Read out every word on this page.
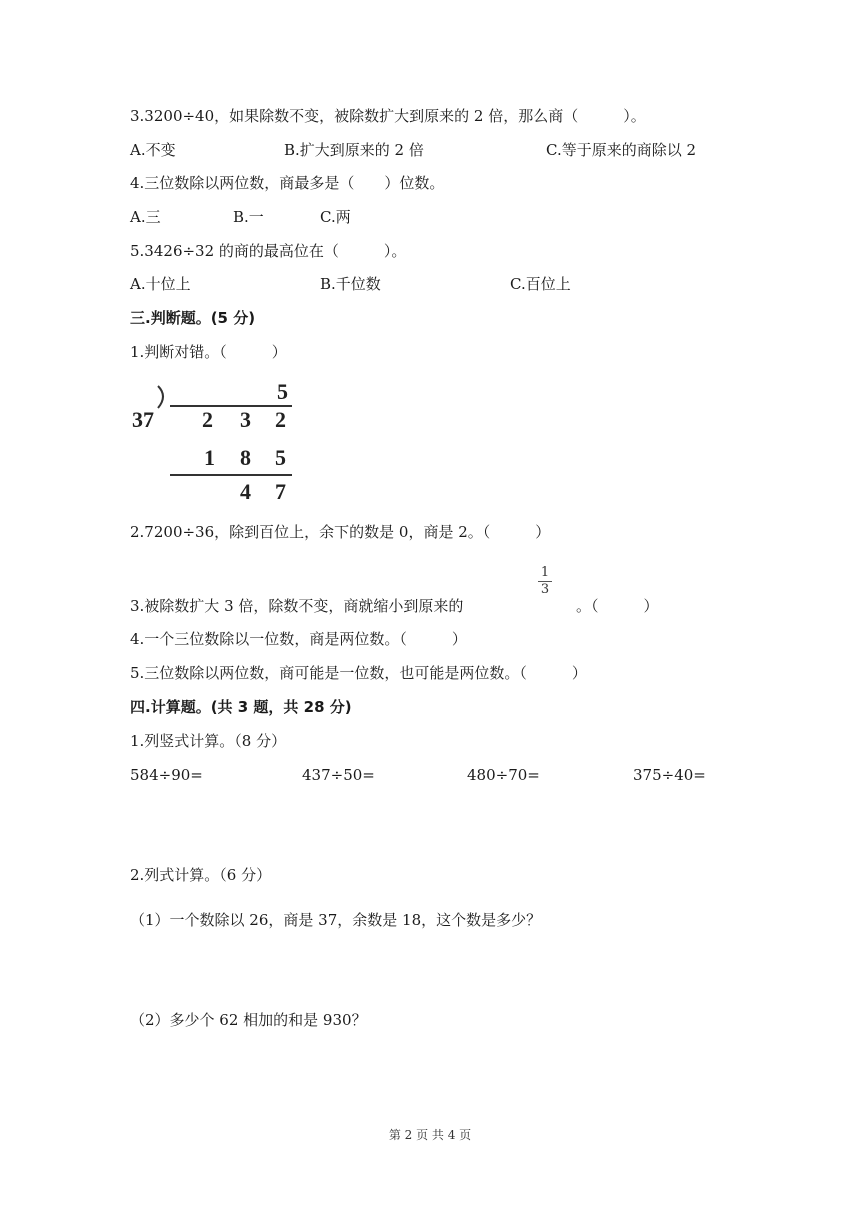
3.3200÷40，如果除数不变，被除数扩大到原来的 2 倍，那么商（　　　）。
A.不变	B.扩大到原来的 2 倍	C.等于原来的商除以 2
4.三位数除以两位数，商最多是（　　）位数。
A.三	B.一	C.两
5.3426÷32 的商的最高位在（　　　）。
A.十位上	B.千位数	C.百位上
三.判断题。(5 分)
1.判断对错。（　　　）
5
37 2 3 2
1 8 5
4 7
2.7200÷36，除到百位上，余下的数是 0，商是 2。（　　　）
3.被除数扩大 3 倍，除数不变，商就缩小到原来的
1
3
。（　　　）
4.一个三位数除以一位数，商是两位数。（　　　）
5.三位数除以两位数，商可能是一位数，也可能是两位数。（　　　）
四.计算题。(共 3 题，共 28 分)
1.列竖式计算。（8 分）
584÷90=	437÷50=	480÷70=	375÷40=
2.列式计算。（6 分）
（1）一个数除以 26，商是 37，余数是 18，这个数是多少？
（2）多少个 62 相加的和是 930？
第 2 页 共 4 页
